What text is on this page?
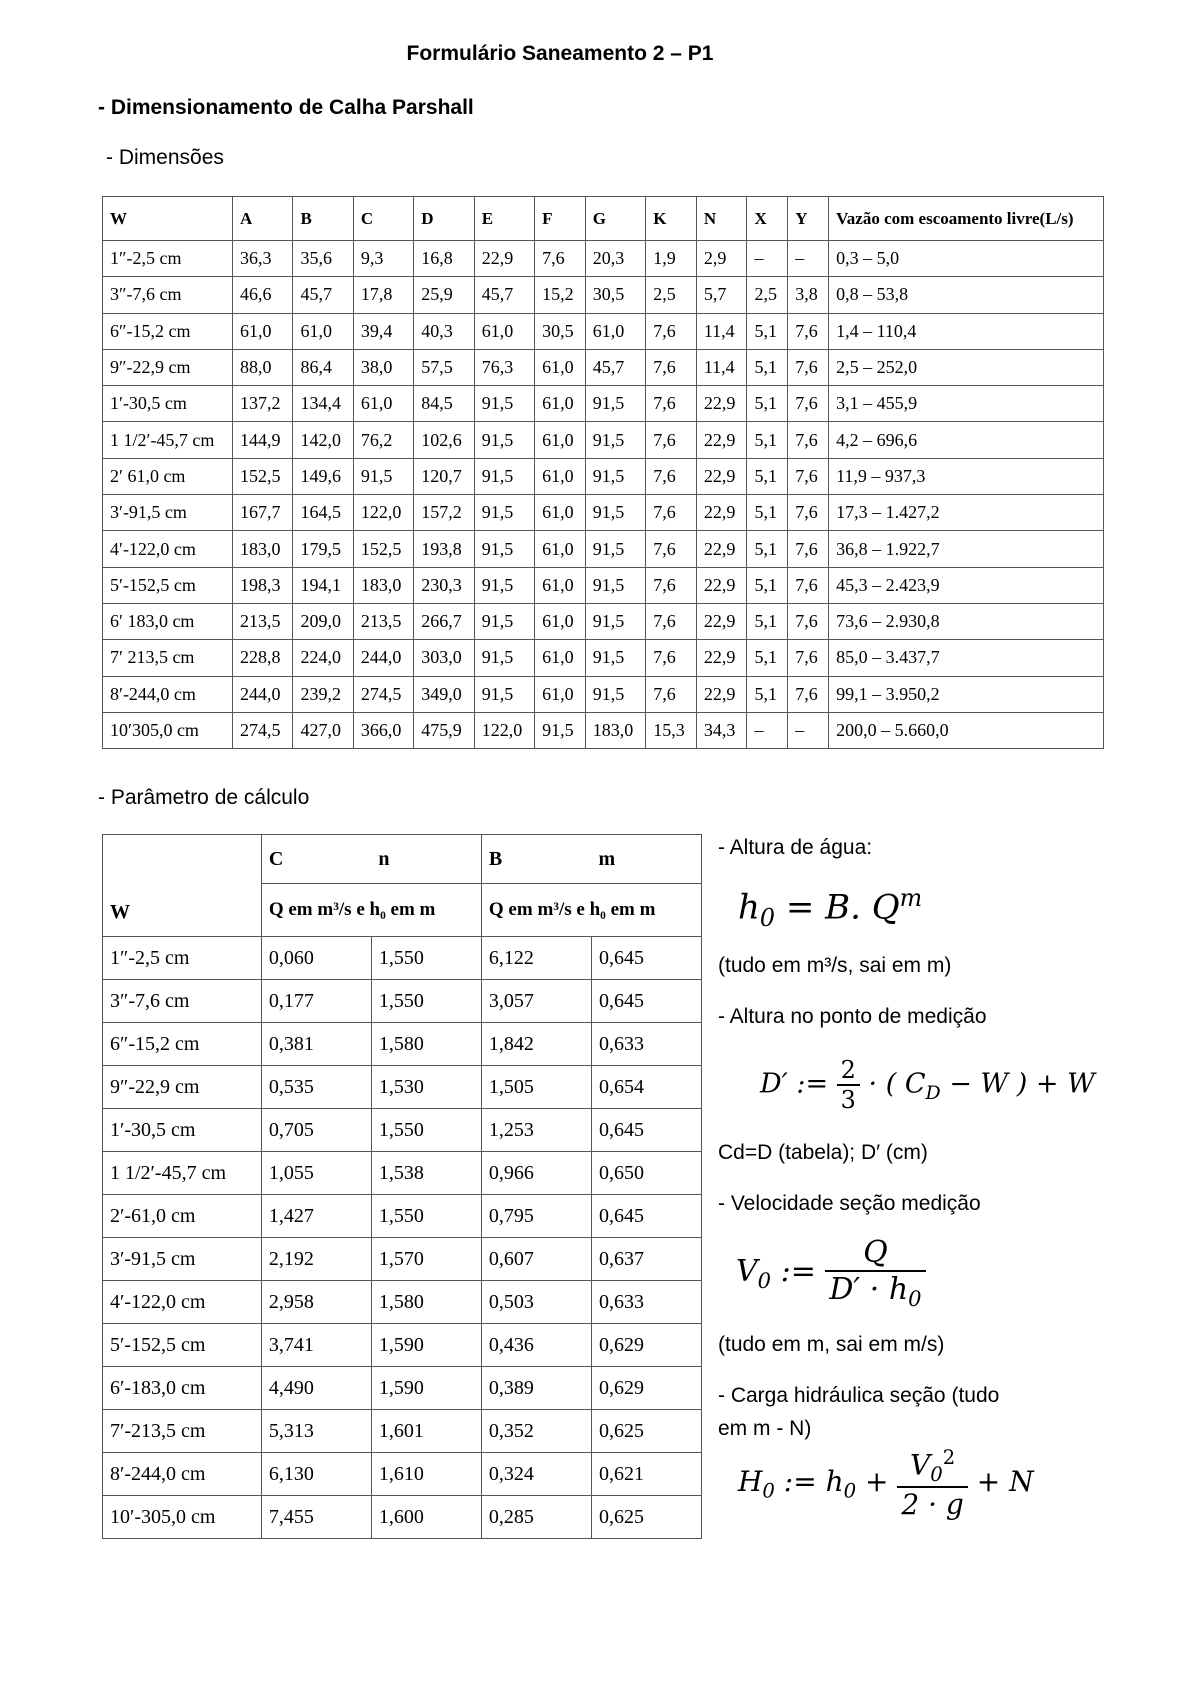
Formulário Saneamento 2 – P1
- Dimensionamento de Calha Parshall
- Dimensões
W	A	B	C	D	E	F	G	K	N	X	Y	Vazão com escoamento livre(L/s)
1″-2,5 cm	36,3	35,6	9,3	16,8	22,9	7,6	20,3	1,9	2,9	–	–	0,3 – 5,0
3″-7,6 cm	46,6	45,7	17,8	25,9	45,7	15,2	30,5	2,5	5,7	2,5	3,8	0,8 – 53,8
6″-15,2 cm	61,0	61,0	39,4	40,3	61,0	30,5	61,0	7,6	11,4	5,1	7,6	1,4 – 110,4
9″-22,9 cm	88,0	86,4	38,0	57,5	76,3	61,0	45,7	7,6	11,4	5,1	7,6	2,5 – 252,0
1′-30,5 cm	137,2	134,4	61,0	84,5	91,5	61,0	91,5	7,6	22,9	5,1	7,6	3,1 – 455,9
1 1/2′-45,7 cm	144,9	142,0	76,2	102,6	91,5	61,0	91,5	7,6	22,9	5,1	7,6	4,2 – 696,6
2′ 61,0 cm	152,5	149,6	91,5	120,7	91,5	61,0	91,5	7,6	22,9	5,1	7,6	11,9 – 937,3
3′-91,5 cm	167,7	164,5	122,0	157,2	91,5	61,0	91,5	7,6	22,9	5,1	7,6	17,3 – 1.427,2
4′-122,0 cm	183,0	179,5	152,5	193,8	91,5	61,0	91,5	7,6	22,9	5,1	7,6	36,8 – 1.922,7
5′-152,5 cm	198,3	194,1	183,0	230,3	91,5	61,0	91,5	7,6	22,9	5,1	7,6	45,3 – 2.423,9
6′ 183,0 cm	213,5	209,0	213,5	266,7	91,5	61,0	91,5	7,6	22,9	5,1	7,6	73,6 – 2.930,8
7′ 213,5 cm	228,8	224,0	244,0	303,0	91,5	61,0	91,5	7,6	22,9	5,1	7,6	85,0 – 3.437,7
8′-244,0 cm	244,0	239,2	274,5	349,0	91,5	61,0	91,5	7,6	22,9	5,1	7,6	99,1 – 3.950,2
10′305,0 cm	274,5	427,0	366,0	475,9	122,0	91,5	183,0	15,3	34,3	–	–	200,0 – 5.660,0
- Parâmetro de cálculo
W	C	n	B	m
	Q em m³/s e h₀ em m		Q em m³/s e h₀ em m	
1″-2,5 cm	0,060	1,550	6,122	0,645
3″-7,6 cm	0,177	1,550	3,057	0,645
6″-15,2 cm	0,381	1,580	1,842	0,633
9″-22,9 cm	0,535	1,530	1,505	0,654
1′-30,5 cm	0,705	1,550	1,253	0,645
1 1/2′-45,7 cm	1,055	1,538	0,966	0,650
2′-61,0 cm	1,427	1,550	0,795	0,645
3′-91,5 cm	2,192	1,570	0,607	0,637
4′-122,0 cm	2,958	1,580	0,503	0,633
5′-152,5 cm	3,741	1,590	0,436	0,629
6′-183,0 cm	4,490	1,590	0,389	0,629
7′-213,5 cm	5,313	1,601	0,352	0,625
8′-244,0 cm	6,130	1,610	0,324	0,621
10′-305,0 cm	7,455	1,600	0,285	0,625
- Altura de água:
$h_0 = B$. $Q^m$
(tudo em m³/s, sai em m)
- Altura no ponto de medição
D′ := $\frac{2}{3}$ · ( $C_D - W$ ) + W
Cd=D (tabela); D′ (cm)
- Velocidade seção medição
$V_0$ := $\frac{Q}{D' \cdot h_0}$
(tudo em m, sai em m/s)
- Carga hidráulica seção (tudo
em m - N)
$H_0$ := $h_0 + \frac{V_0^2}{2 \cdot g} + N$
